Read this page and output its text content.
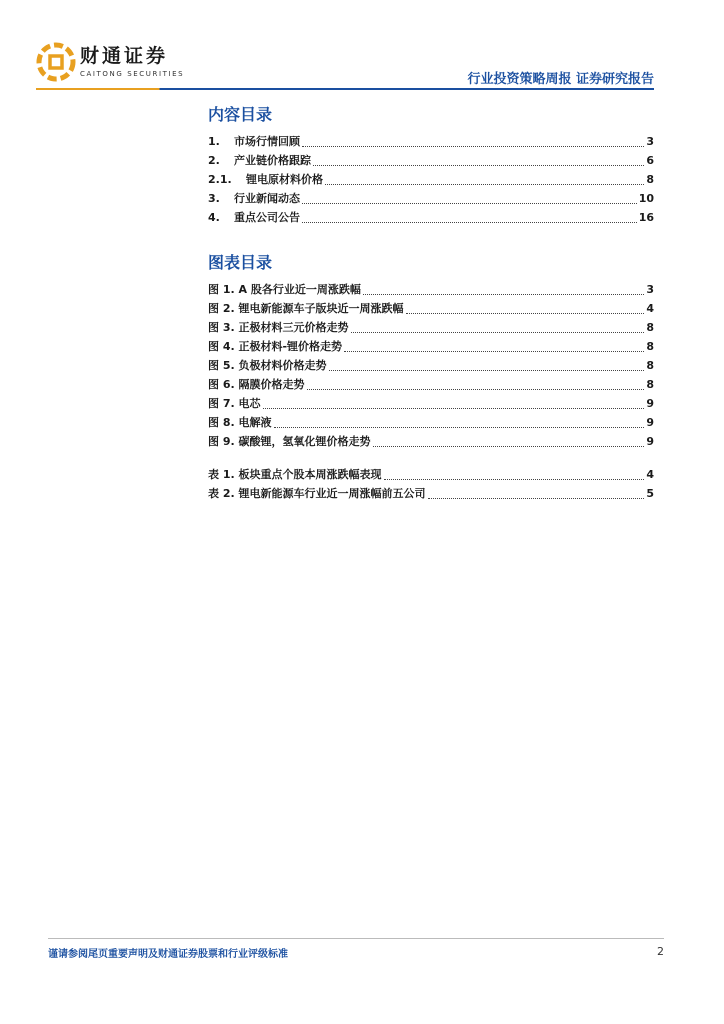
财通证券
CAITONG SECURITIES	行业投资策略周报 证券研究报告
内容目录
1.	市场行情回顾	3
2.	产业链价格跟踪	6
2.1.	锂电原材料价格	8
3.	行业新闻动态	10
4.	重点公司公告	16
图表目录
图 1. A 股各行业近一周涨跌幅	3
图 2. 锂电新能源车子版块近一周涨跌幅	4
图 3. 正极材料三元价格走势	8
图 4. 正极材料-锂价格走势	8
图 5. 负极材料价格走势	8
图 6. 隔膜价格走势	8
图 7. 电芯	9
图 8. 电解液	9
图 9. 碳酸锂，氢氧化锂价格走势	9
表 1. 板块重点个股本周涨跌幅表现	4
表 2. 锂电新能源车行业近一周涨幅前五公司	5
谨请参阅尾页重要声明及财通证券股票和行业评级标准	2
